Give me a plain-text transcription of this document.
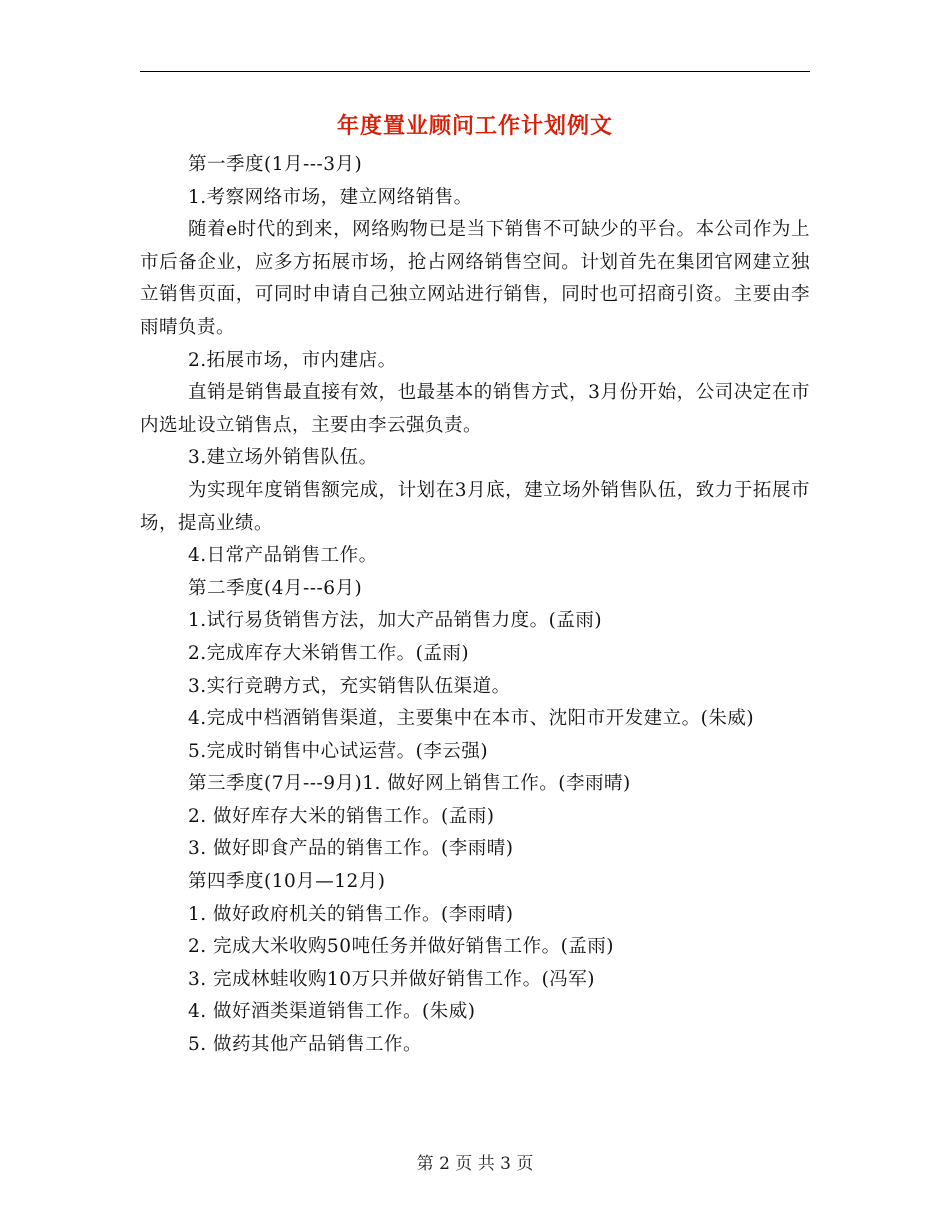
年度置业顾问工作计划例文

第一季度(1月---3月)

1.考察网络市场，建立网络销售。

随着e时代的到来，网络购物已是当下销售不可缺少的平台。本公司作为上市后备企业，应多方拓展市场，抢占网络销售空间。计划首先在集团官网建立独立销售页面，可同时申请自己独立网站进行销售，同时也可招商引资。主要由李雨晴负责。

2.拓展市场，市内建店。

直销是销售最直接有效，也最基本的销售方式，3月份开始，公司决定在市内选址设立销售点，主要由李云强负责。

3.建立场外销售队伍。

为实现年度销售额完成，计划在3月底，建立场外销售队伍，致力于拓展市场，提高业绩。

4.日常产品销售工作。

第二季度(4月---6月)

1.试行易货销售方法，加大产品销售力度。(孟雨)

2.完成库存大米销售工作。(孟雨)

3.实行竞聘方式，充实销售队伍渠道。

4.完成中档酒销售渠道，主要集中在本市、沈阳市开发建立。(朱威)

5.完成时销售中心试运营。(李云强)

第三季度(7月---9月)1. 做好网上销售工作。(李雨晴)

2. 做好库存大米的销售工作。(孟雨)

3. 做好即食产品的销售工作。(李雨晴)

第四季度(10月—12月)

1. 做好政府机关的销售工作。(李雨晴)

2. 完成大米收购50吨任务并做好销售工作。(孟雨)

3. 完成林蛙收购10万只并做好销售工作。(冯军)

4. 做好酒类渠道销售工作。(朱威)

5. 做药其他产品销售工作。

第 2 页 共 3 页
